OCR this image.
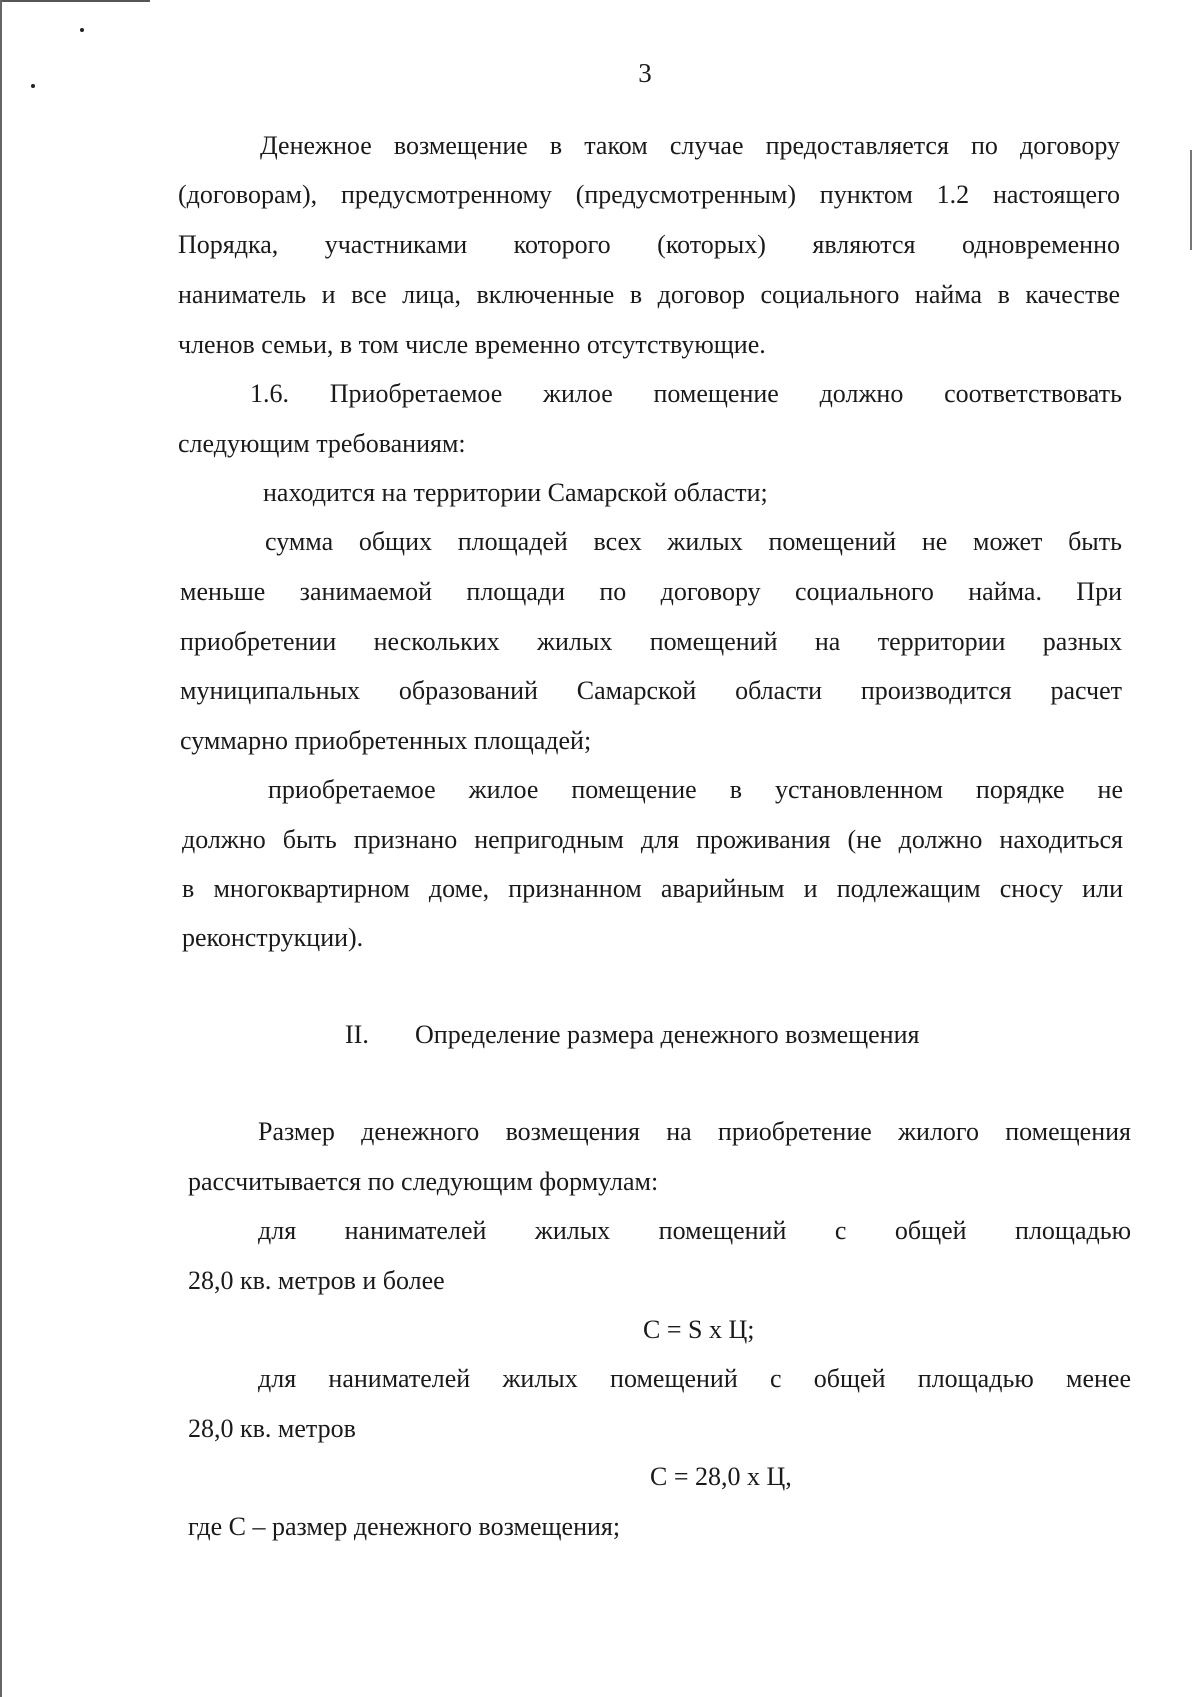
3
Денежное возмещение в таком случае предоставляется по договору
(договорам), предусмотренному (предусмотренным) пунктом 1.2 настоящего
Порядка, участниками которого (которых) являются одновременно
наниматель и все лица, включенные в договор социального найма в качестве
членов семьи, в том числе временно отсутствующие.
1.6. Приобретаемое жилое помещение должно соответствовать
следующим требованиям:
находится на территории Самарской области;
сумма общих площадей всех жилых помещений не может быть
меньше занимаемой площади по договору социального найма. При
приобретении нескольких жилых помещений на территории разных
муниципальных образований Самарской области производится расчет
суммарно приобретенных площадей;
приобретаемое жилое помещение в установленном порядке не
должно быть признано непригодным для проживания (не должно находиться
в многоквартирном доме, признанном аварийным и подлежащим сносу или
реконструкции).
II. Определение размера денежного возмещения
Размер денежного возмещения на приобретение жилого помещения
рассчитывается по следующим формулам:
для нанимателей жилых помещений с общей площадью
28,0 кв. метров и более
С = S x Ц;
для нанимателей жилых помещений с общей площадью менее
28,0 кв. метров
С = 28,0 x Ц,
где С – размер денежного возмещения;
